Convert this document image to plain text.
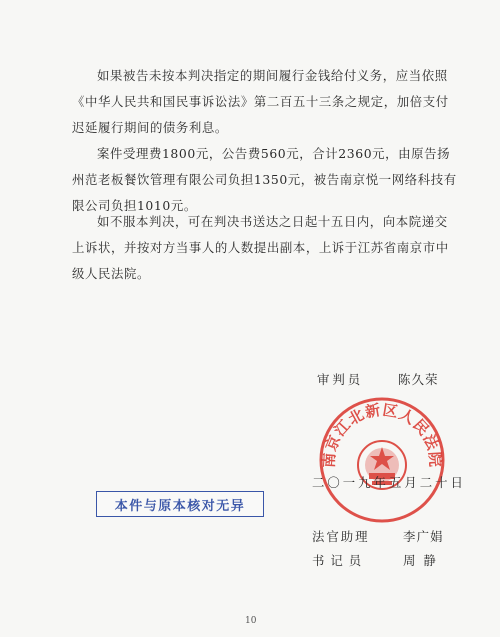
如果被告未按本判决指定的期间履行金钱给付义务，应当依照《中华人民共和国民事诉讼法》第二百五十三条之规定，加倍支付迟延履行期间的债务利息。

案件受理费1800元，公告费560元，合计2360元，由原告扬州范老板餐饮管理有限公司负担1350元，被告南京悦一网络科技有限公司负担1010元。

如不服本判决，可在判决书送达之日起十五日内，向本院递交上诉状，并按对方当事人的人数提出副本，上诉于江苏省南京市中级人民法院。

审判员	陈久荣
南京江北新区人民法院
二〇一九年五月二十日
本件与原本核对无异
法官助理	李广娟
书记员	周静
10
